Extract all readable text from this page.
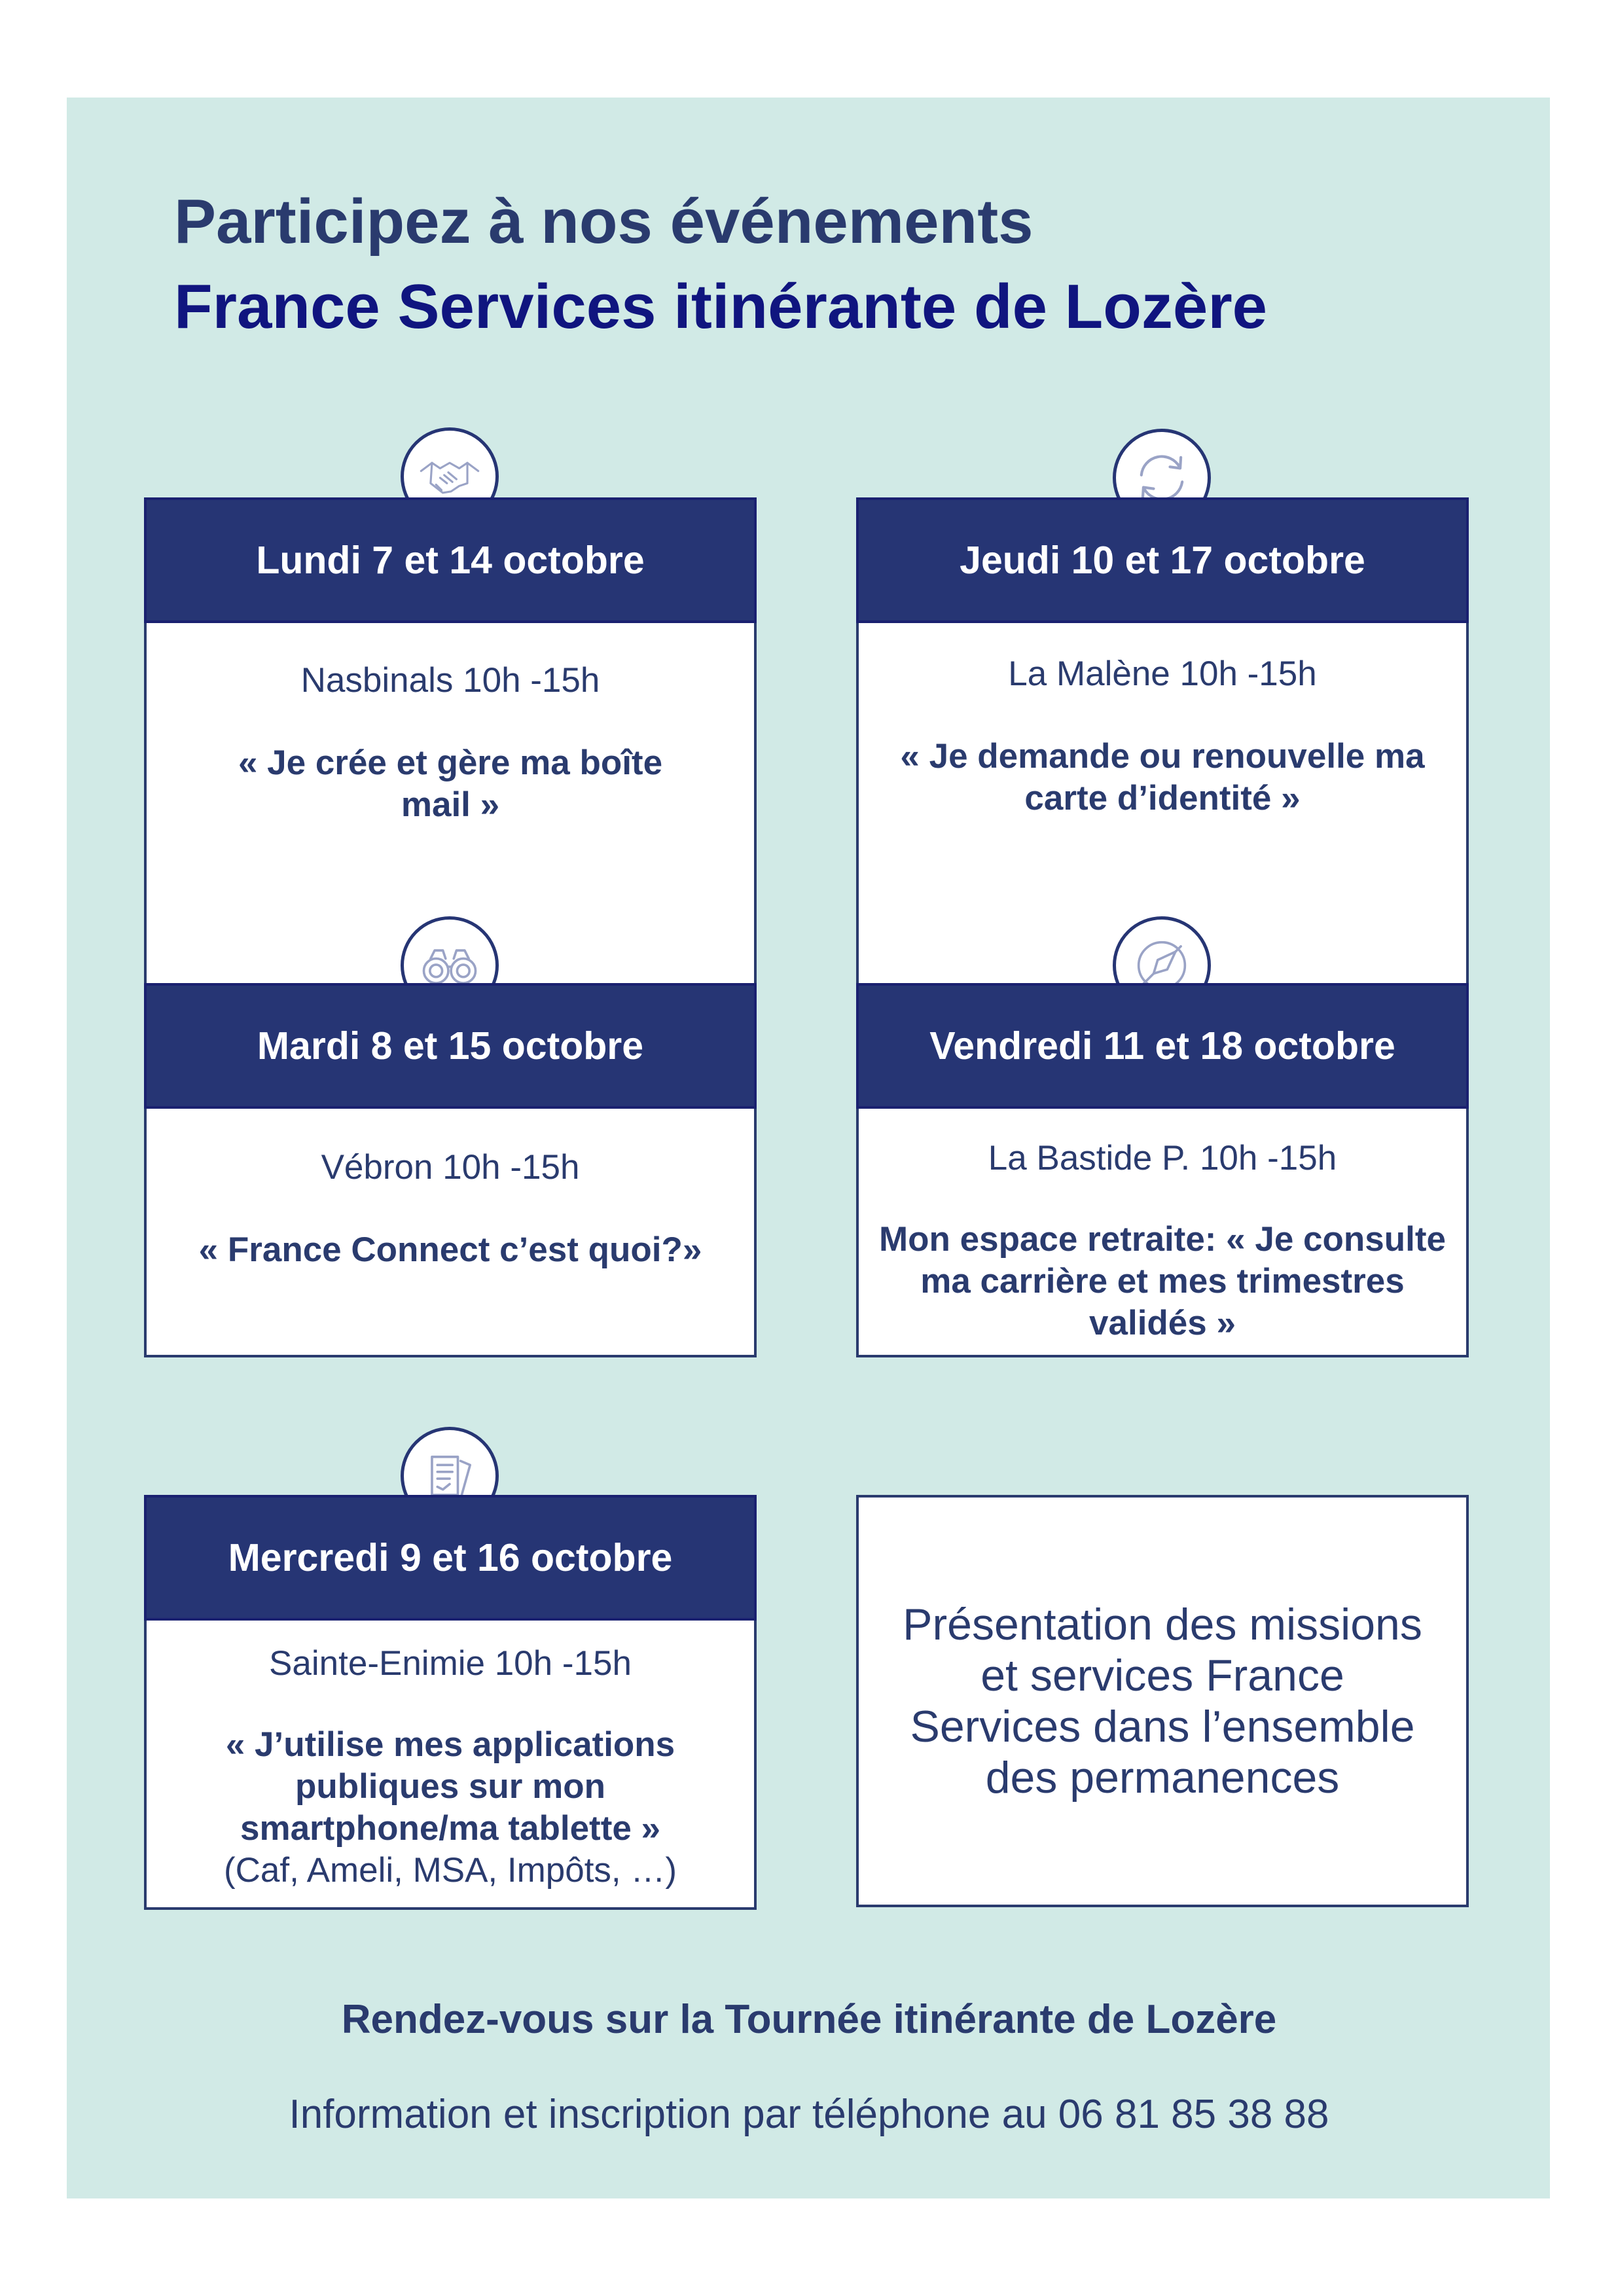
Participez à nos événements
France Services itinérante de Lozère
Lundi 7 et 14 octobre
Nasbinals 10h -15h
« Je crée et gère ma boîte mail »
Jeudi 10 et 17 octobre
La Malène 10h -15h
« Je demande ou renouvelle ma carte d’identité »
Mardi 8 et 15 octobre
Vébron 10h -15h
« France Connect c’est quoi?»
Vendredi 11 et 18 octobre
La Bastide P. 10h -15h
Mon espace retraite: « Je consulte ma carrière et mes trimestres validés »
Mercredi 9 et 16 octobre
Sainte-Enimie 10h -15h
« J’utilise mes applications publiques sur mon smartphone/ma tablette »
(Caf, Ameli, MSA, Impôts, …)
Présentation des missions et services France Services dans l’ensemble des permanences
Rendez-vous sur la Tournée itinérante de Lozère
Information et inscription par téléphone au 06 81 85 38 88
